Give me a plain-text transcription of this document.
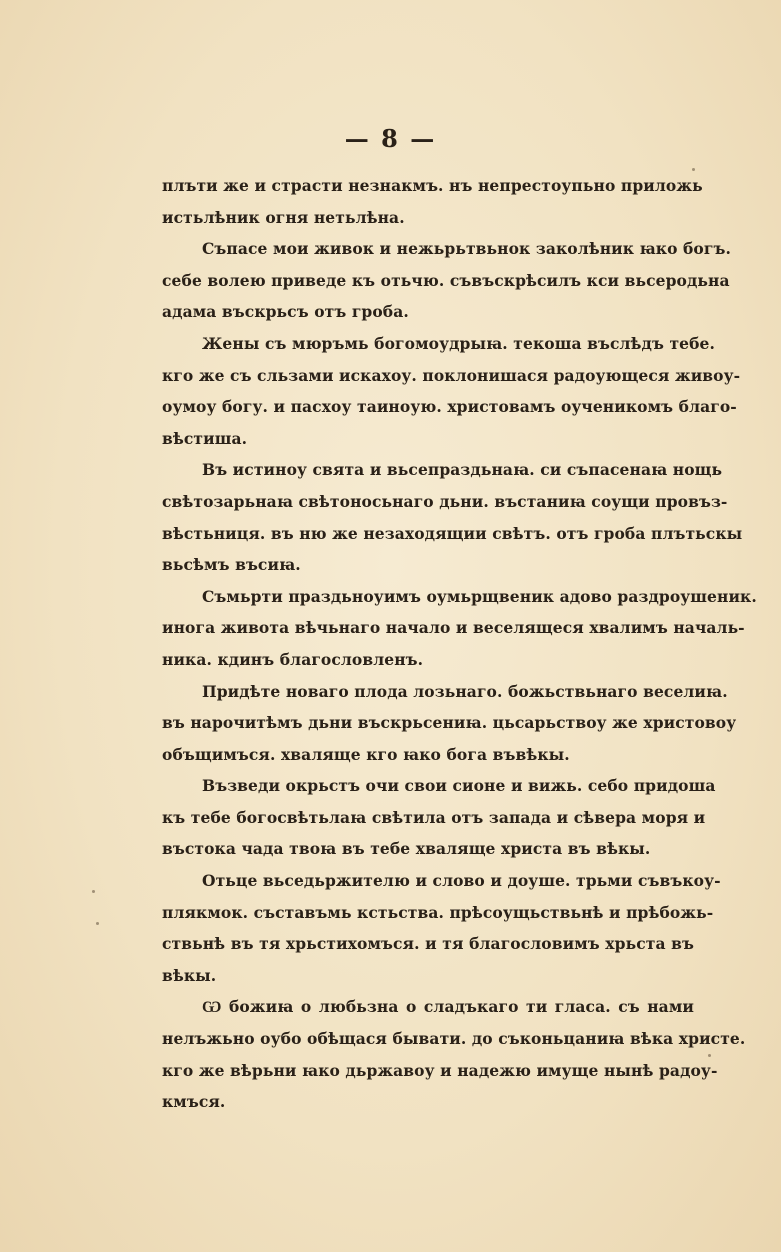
— 8 —
плъти же и страсти незнакмъ. нъ непрестоупьно приложь
истьлѣник огня нетьлѣна.
Съпасе мои живок и нежьрьтвьнок заколѣник ꙗко богъ.
себе волею приведе къ отьчю. съвъскрѣсилъ кси вьсеродьна
адама въскрьсъ отъ гроба.
Жены съ мюръмь богомоудрыꙗ. текоша въслѣдъ тебе.
кго же съ сльзами искахоу. поклонишася радоующеся живоу-
оумоу богу. и пасхоу таиноую. христовамъ оученикомъ благо-
вѣстиша.
Въ истиноу свята и вьсепраздьнаꙗ. си съпасенаꙗ нощь
свѣтозарьнаꙗ свѣтоносьнаго дьни. въстаниꙗ соущи провъз-
вѣстьниця. въ ню же незаходящии свѣтъ. отъ гроба плътьскы
вьсѣмъ въсиꙗ.
Съмьрти праздьноуимъ оумьрщвеник адово раздроушеник.
инога живота вѣчьнаго начало и веселящеся хвалимъ началь-
ника. кдинъ благословленъ.
Придѣте новаго плода лозьнаго. божьствьнаго веселиꙗ.
въ нарочитѣмъ дьни въскрьсениꙗ. цьсарьствоу же христовоу
объщимъся. хваляще кго ꙗко бога въвѣкы.
Възведи окрьстъ очи свои сионе и вижь. себо придоша
къ тебе богосвѣтьлаꙗ свѣтила отъ запада и сѣвера моря и
въстока чада твоꙗ въ тебе хваляще христа въ вѣкы.
Отьце вьседьржителю и слово и доуше. трьми съвъкоу-
плякмок. съставъмь кстьства. прѣсоущьствьнѣ и прѣбожь-
ствьнѣ въ тя хрьстихомъся. и тя благословимъ хрьста въ
вѣкы.
Ѡ божиꙗ о любьзна о сладъкаго ти гласа. съ нами
нелъжьно оубо обѣщася бывати. до съконьцаниꙗ вѣка христе.
кго же вѣрьни ꙗко дьржавоу и надежю имуще нынѣ радоу-
кмъся.
